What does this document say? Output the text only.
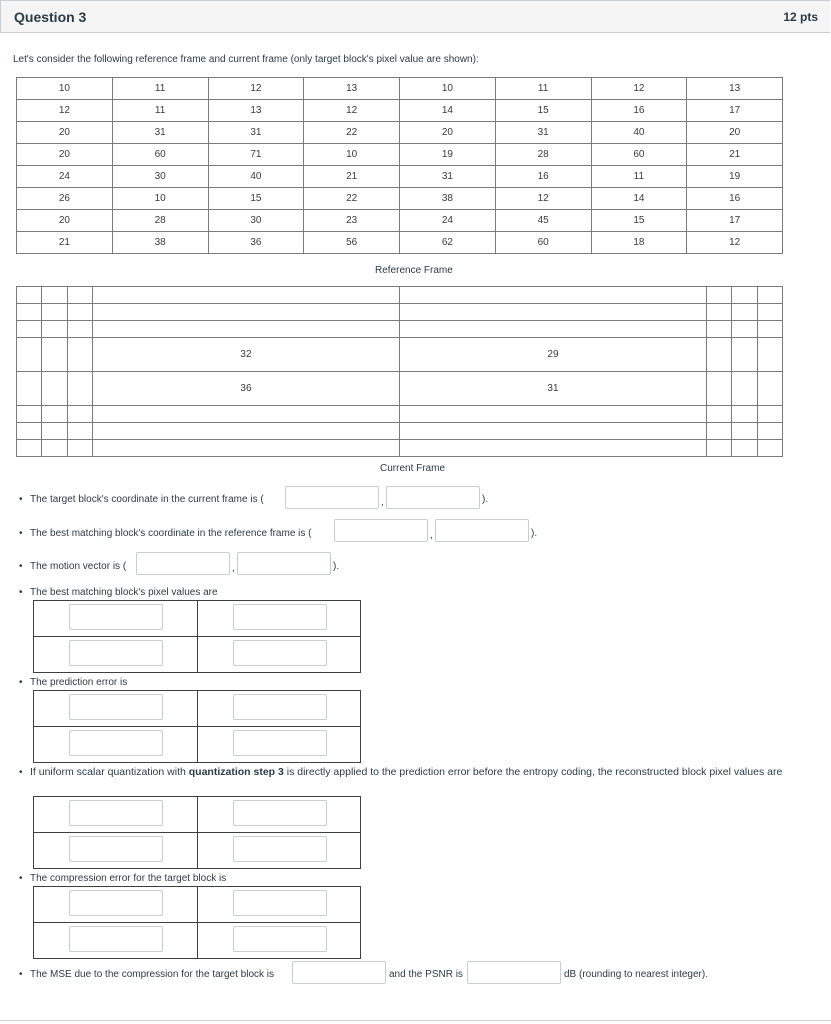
Question 3	12 pts
Let's consider the following reference frame and current frame (only target block's pixel value are shown):
10	11	12	13	10	11	12	13
12	11	13	12	14	15	16	17
20	31	31	22	20	31	40	20
20	60	71	10	19	28	60	21
24	30	40	21	31	16	11	19
26	10	15	22	38	12	14	16
20	28	30	23	24	45	15	17
21	38	36	56	62	60	18	12
Reference Frame

			32	29			
			36	31			

Current Frame
The target block's coordinate in the current frame is (	,	).
The best matching block's coordinate in the reference frame is (	,	).
The motion vector is (	,	).
The best matching block's pixel values are
The prediction error is
If uniform scalar quantization with quantization step 3 is directly applied to the prediction error before the entropy coding, the reconstructed block pixel values are
The compression error for the target block is
The MSE due to the compression for the target block is	and the PSNR is	dB (rounding to nearest integer).
